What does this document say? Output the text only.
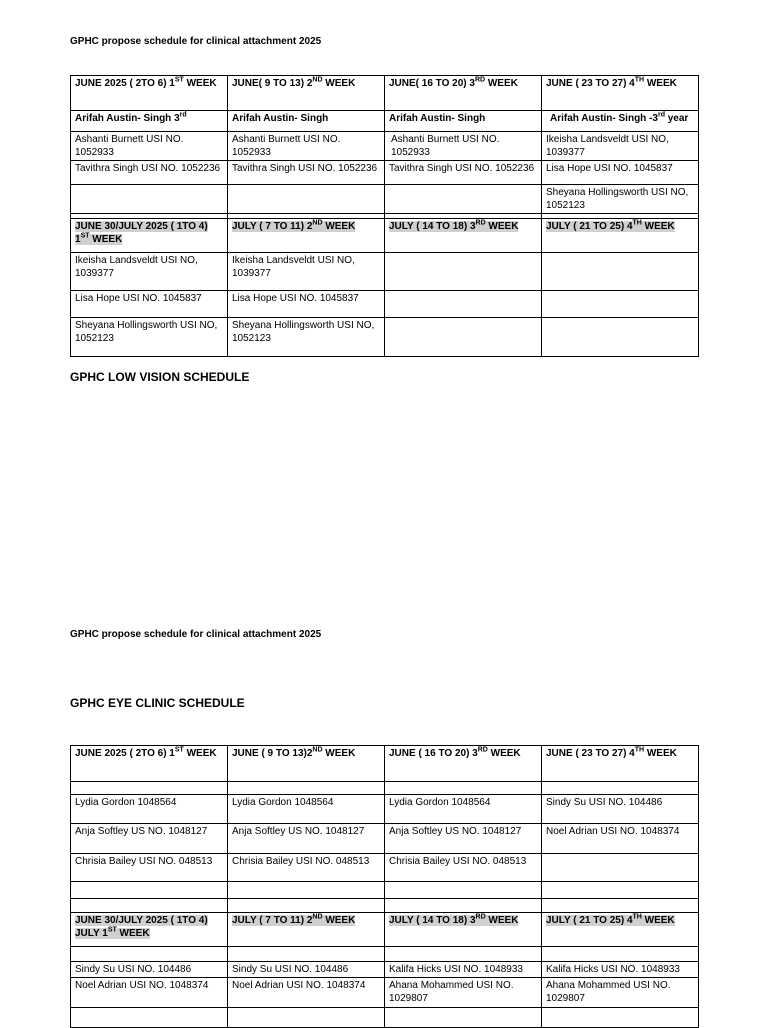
GPHC propose schedule for clinical attachment 2025
JUNE 2025 ( 2TO 6) 1ST WEEK	JUNE( 9 TO 13) 2ND WEEK	JUNE( 16 TO 20) 3RD WEEK	JUNE ( 23 TO 27) 4TH WEEK
Arifah Austin- Singh 3rd	Arifah Austin- Singh	Arifah Austin- Singh	Arifah Austin- Singh -3rd year
Ashanti Burnett USI NO. 1052933	Ashanti Burnett USI NO. 1052933	Ashanti Burnett USI NO. 1052933	Ikeisha Landsveldt USI NO, 1039377
Tavithra Singh USI NO. 1052236	Tavithra Singh USI NO. 1052236	Tavithra Singh USI NO. 1052236	Lisa Hope USI NO. 1045837
			Sheyana Hollingsworth USI NO, 1052123

JUNE 30/JULY 2025 ( 1TO 4) 1ST WEEK	JULY ( 7 TO 11) 2ND WEEK	JULY ( 14 TO 18) 3RD WEEK	JULY ( 21 TO 25) 4TH WEEK
Ikeisha Landsveldt USI NO, 1039377	Ikeisha Landsveldt USI NO, 1039377		
Lisa Hope USI NO. 1045837	Lisa Hope USI NO. 1045837		
Sheyana Hollingsworth USI NO, 1052123	Sheyana Hollingsworth USI NO, 1052123		
GPHC LOW VISION SCHEDULE
GPHC propose schedule for clinical attachment 2025
GPHC EYE CLINIC SCHEDULE
JUNE 2025 ( 2TO 6) 1ST WEEK	JUNE ( 9 TO 13)2ND WEEK	JUNE ( 16 TO 20) 3RD WEEK	JUNE ( 23 TO 27) 4TH WEEK

Lydia Gordon 1048564	Lydia Gordon 1048564	Lydia Gordon 1048564	Sindy Su USI NO. 104486
Anja Softley US NO. 1048127	Anja Softley US NO. 1048127	Anja Softley US NO. 1048127	Noel Adrian USI NO. 1048374
Chrisia Bailey USI NO. 048513	Chrisia Bailey USI NO. 048513	Chrisia Bailey USI NO. 048513	

JUNE 30/JULY 2025 ( 1TO 4) JULY 1ST WEEK	JULY ( 7 TO 11) 2ND WEEK	JULY ( 14 TO 18) 3RD WEEK	JULY ( 21 TO 25) 4TH WEEK

Sindy Su USI NO. 104486	Sindy Su USI NO. 104486	Kalifa Hicks USI NO. 1048933	Kalifa Hicks USI NO. 1048933
Noel Adrian USI NO. 1048374	Noel Adrian USI NO. 1048374	Ahana Mohammed USI NO. 1029807	Ahana Mohammed USI NO. 1029807
